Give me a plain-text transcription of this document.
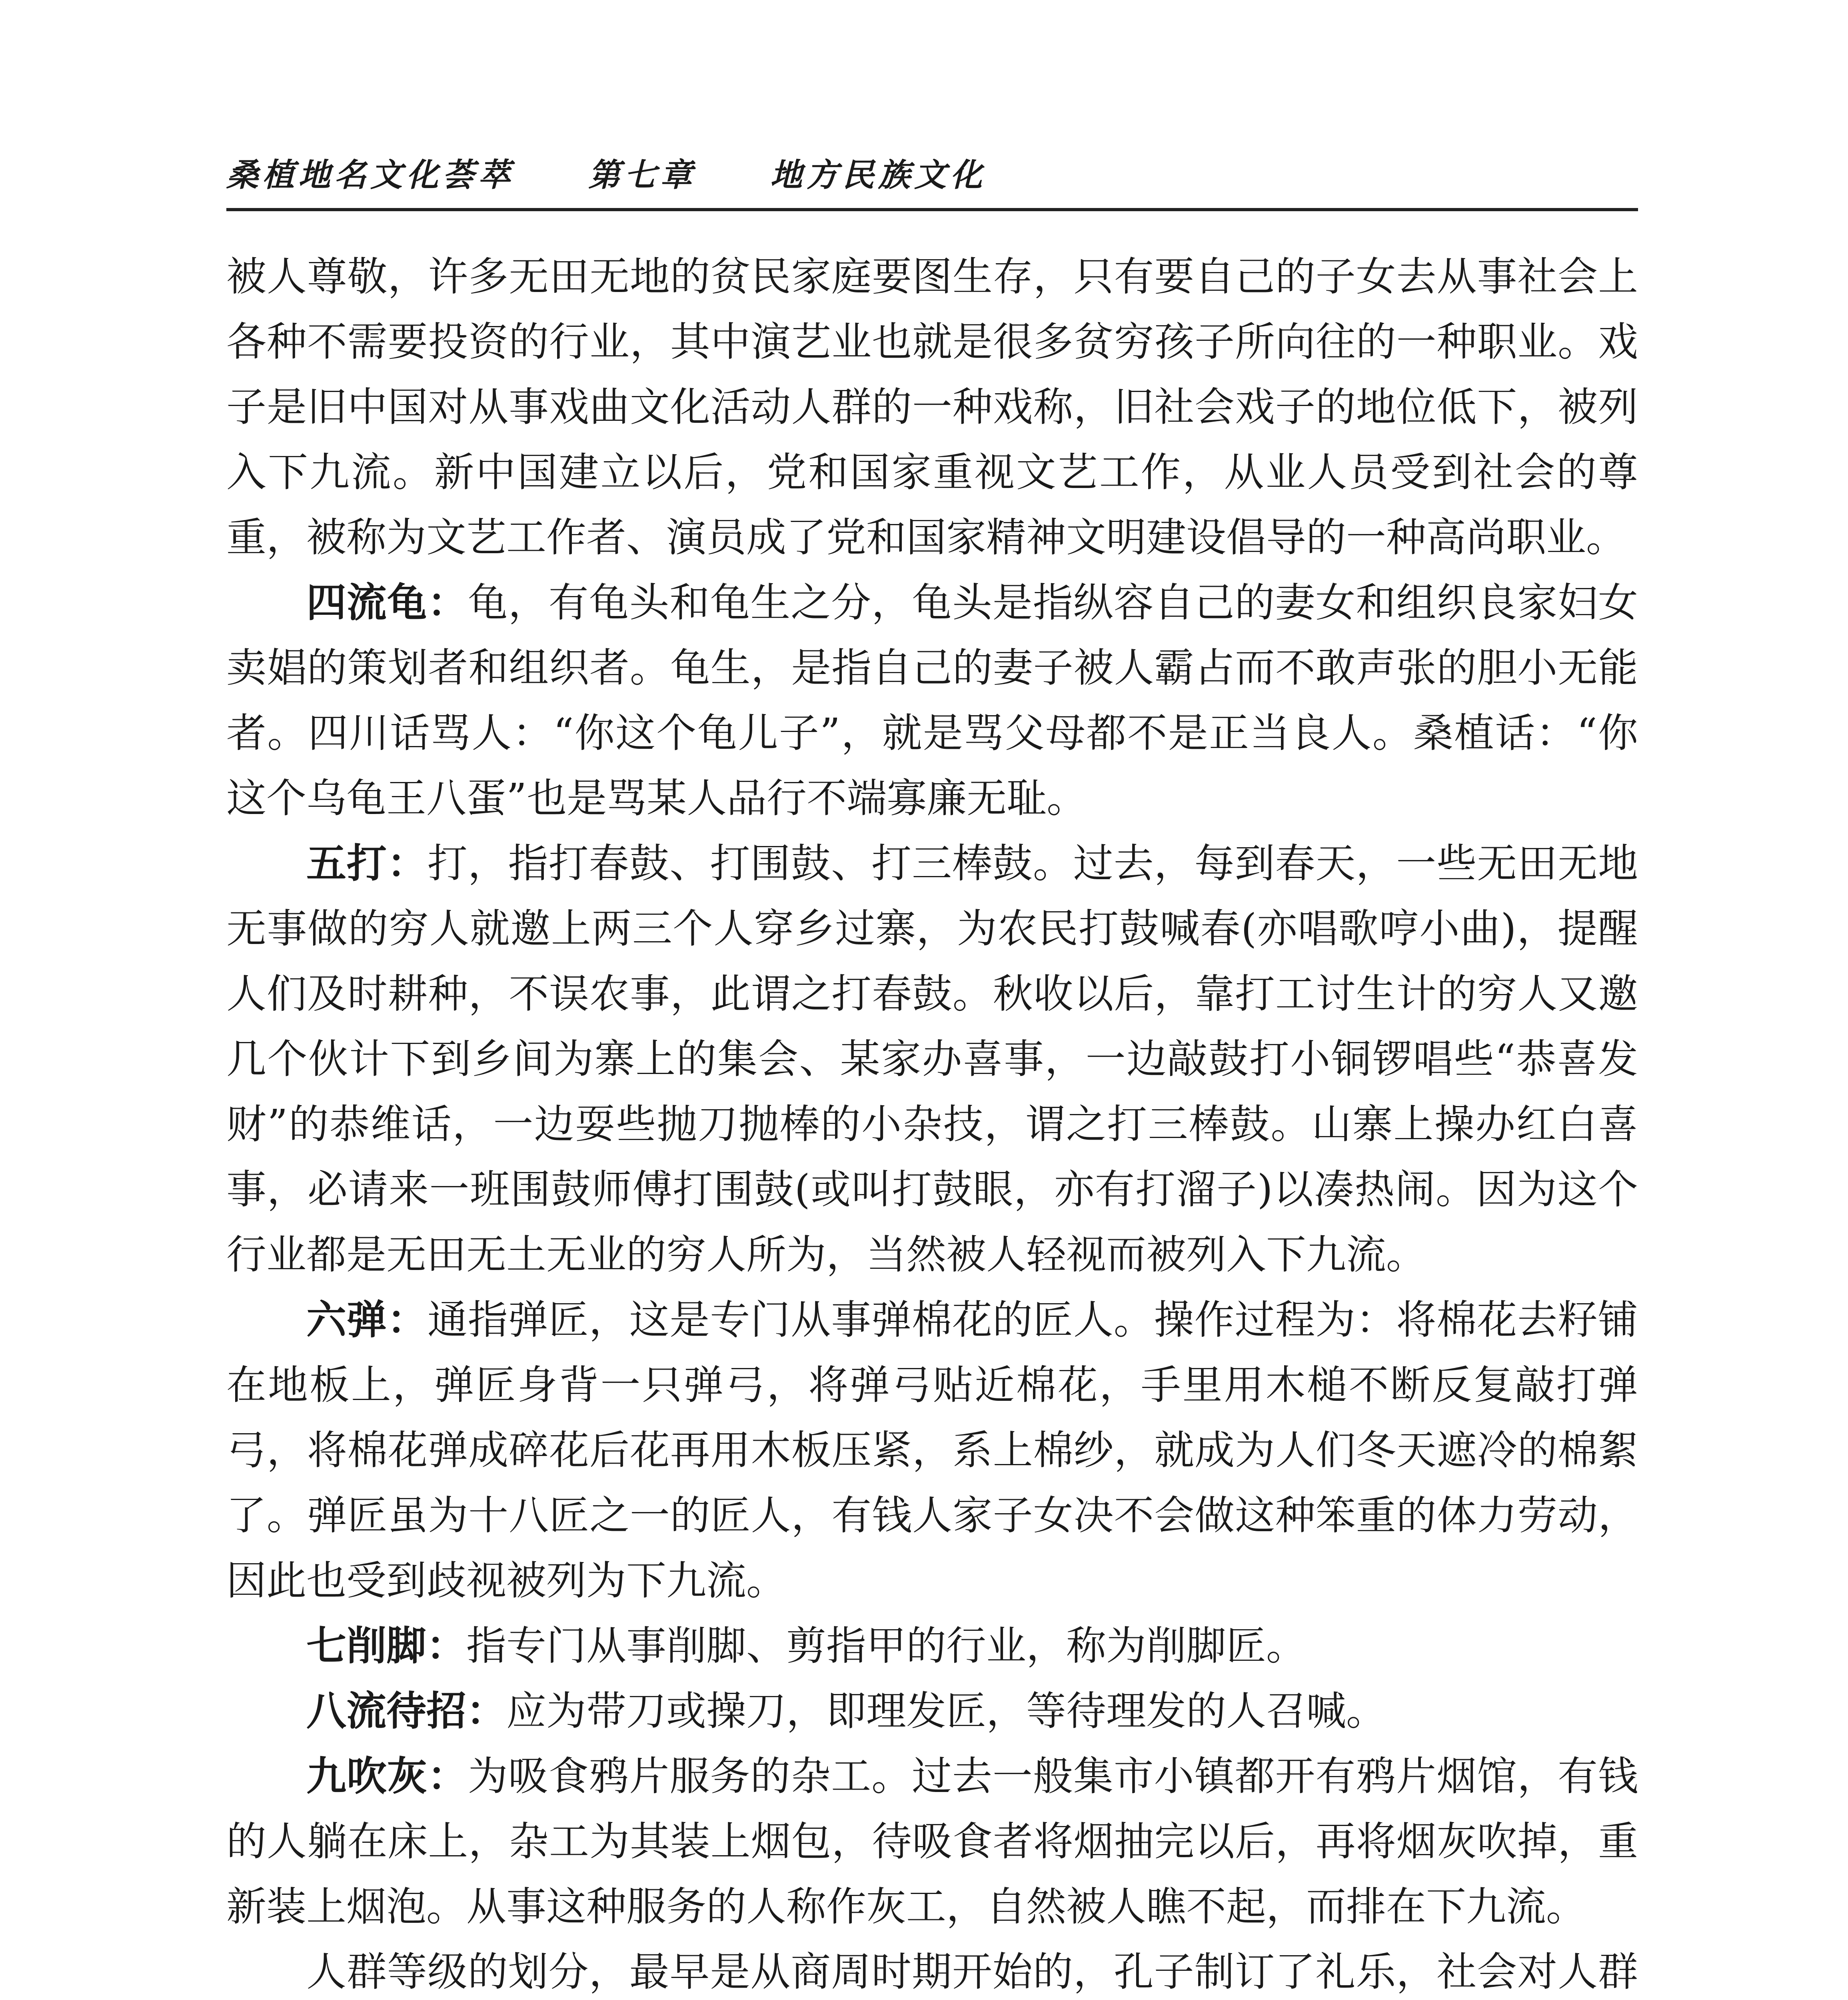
桑植地名文化荟萃 第七章 地方民族文化

被人尊敬，许多无田无地的贫民家庭要图生存，只有要自己的子女去从事社会上各种不需要投资的行业，其中演艺业也就是很多贫穷孩子所向往的一种职业。戏子是旧中国对从事戏曲文化活动人群的一种戏称，旧社会戏子的地位低下，被列入下九流。新中国建立以后，党和国家重视文艺工作，从业人员受到社会的尊重，被称为文艺工作者、演员成了党和国家精神文明建设倡导的一种高尚职业。

四流龟：龟，有龟头和龟生之分，龟头是指纵容自己的妻女和组织良家妇女卖娼的策划者和组织者。龟生，是指自己的妻子被人霸占而不敢声张的胆小无能者。四川话骂人：“你这个龟儿子”，就是骂父母都不是正当良人。桑植话：“你这个乌龟王八蛋”也是骂某人品行不端寡廉无耻。

五打：打，指打春鼓、打围鼓、打三棒鼓。过去，每到春天，一些无田无地无事做的穷人就邀上两三个人穿乡过寨，为农民打鼓喊春(亦唱歌哼小曲)，提醒人们及时耕种，不误农事，此谓之打春鼓。秋收以后，靠打工讨生计的穷人又邀几个伙计下到乡间为寨上的集会、某家办喜事，一边敲鼓打小铜锣唱些“恭喜发财”的恭维话，一边耍些抛刀抛棒的小杂技，谓之打三棒鼓。山寨上操办红白喜事，必请来一班围鼓师傅打围鼓(或叫打鼓眼，亦有打溜子)以凑热闹。因为这个行业都是无田无土无业的穷人所为，当然被人轻视而被列入下九流。

六弹：通指弹匠，这是专门从事弹棉花的匠人。操作过程为：将棉花去籽铺在地板上，弹匠身背一只弹弓，将弹弓贴近棉花，手里用木槌不断反复敲打弹弓，将棉花弹成碎花后花再用木板压紧，系上棉纱，就成为人们冬天遮冷的棉絮了。弹匠虽为十八匠之一的匠人，有钱人家子女决不会做这种笨重的体力劳动，因此也受到歧视被列为下九流。

七削脚：指专门从事削脚、剪指甲的行业，称为削脚匠。

八流待招：应为带刀或操刀，即理发匠，等待理发的人召喊。

九吹灰：为吸食鸦片服务的杂工。过去一般集市小镇都开有鸦片烟馆，有钱的人躺在床上，杂工为其装上烟包，待吸食者将烟抽完以后，再将烟灰吹掉，重新装上烟泡。从事这种服务的人称作灰工，自然被人瞧不起，而排在下九流。

人群等级的划分，最早是从商周时期开始的，孔子制订了礼乐，社会对人群
